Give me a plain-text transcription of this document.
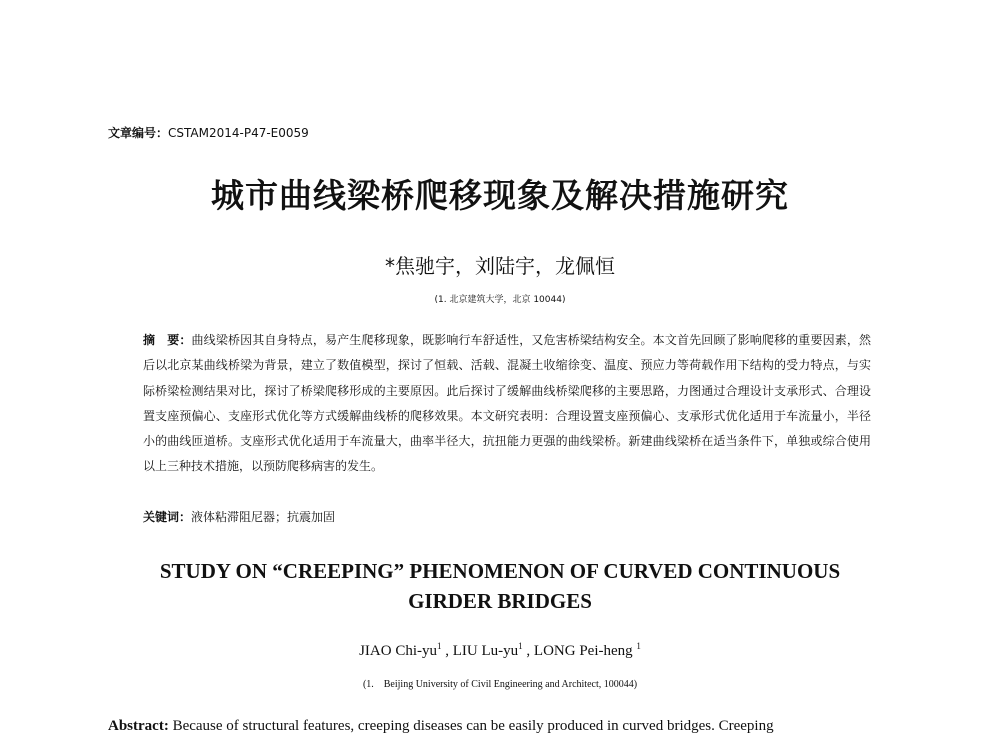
文章编号：CSTAM2014-P47-E0059
城市曲线梁桥爬移现象及解决措施研究
*焦驰宇，刘陆宇，龙佩恒
(1. 北京建筑大学，北京 10044)
摘　要：曲线梁桥因其自身特点，易产生爬移现象，既影响行车舒适性，又危害桥梁结构安全。本文首先回顾了影响爬移的重要因素，然后以北京某曲线桥梁为背景，建立了数值模型，探讨了恒载、活载、混凝土收缩徐变、温度、预应力等荷载作用下结构的受力特点，与实际桥梁检测结果对比，探讨了桥梁爬移形成的主要原因。此后探讨了缓解曲线桥梁爬移的主要思路，力图通过合理设计支承形式、合理设置支座预偏心、支座形式优化等方式缓解曲线桥的爬移效果。本文研究表明：合理设置支座预偏心、支承形式优化适用于车流量小，半径小的曲线匝道桥。支座形式优化适用于车流量大，曲率半径大，抗扭能力更强的曲线梁桥。新建曲线梁桥在适当条件下，单独或综合使用以上三种技术措施，以预防爬移病害的发生。
关键词：液体粘滞阻尼器；抗震加固
STUDY ON “CREEPING” PHENOMENON OF CURVED CONTINUOUS
GIRDER BRIDGES
JIAO Chi-$yu^1$ , LIU $Lu-yu^1$ , LONG Pei-heng $^1$
(1.　Beijing University of Civil Engineering and Architect, 100044)
Abstract: Because of structural features, creeping diseases can be easily produced in curved bridges. Creeping
